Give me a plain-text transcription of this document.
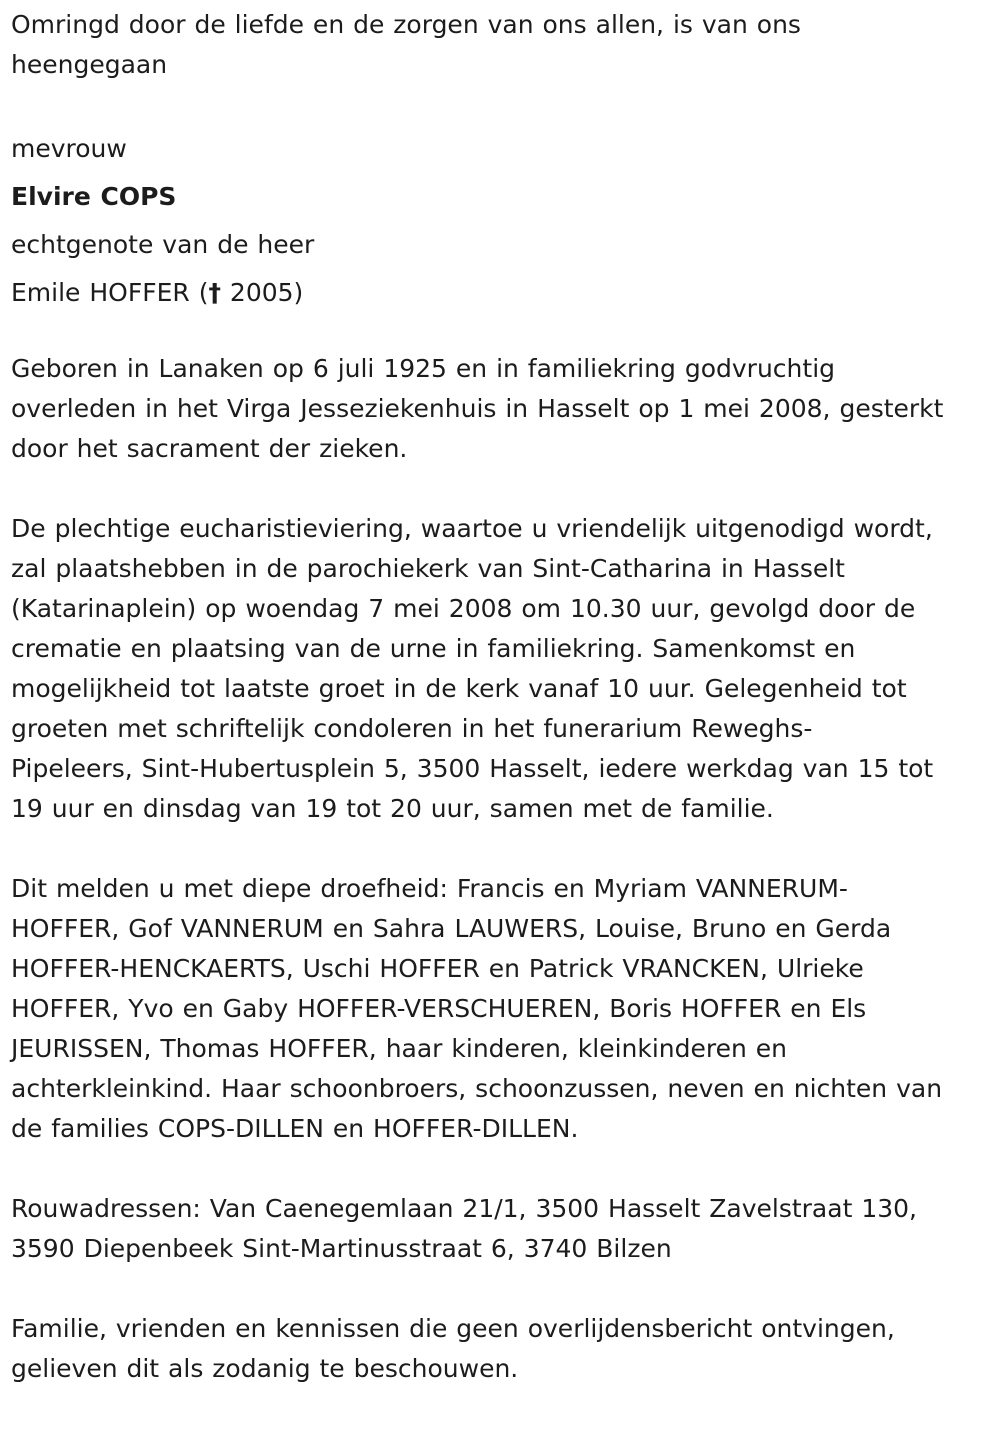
Omringd door de liefde en de zorgen van ons allen, is van ons
heengegaan
mevrouw
Elvire COPS
echtgenote van de heer
Emile HOFFER († 2005)
Geboren in Lanaken op 6 juli 1925 en in familiekring godvruchtig
overleden in het Virga Jesseziekenhuis in Hasselt op 1 mei 2008, gesterkt
door het sacrament der zieken.
De plechtige eucharistieviering, waartoe u vriendelijk uitgenodigd wordt,
zal plaatshebben in de parochiekerk van Sint-Catharina in Hasselt
(Katarinaplein) op woendag 7 mei 2008 om 10.30 uur, gevolgd door de
crematie en plaatsing van de urne in familiekring. Samenkomst en
mogelijkheid tot laatste groet in de kerk vanaf 10 uur. Gelegenheid tot
groeten met schriftelijk condoleren in het funerarium Reweghs-
Pipeleers, Sint-Hubertusplein 5, 3500 Hasselt, iedere werkdag van 15 tot
19 uur en dinsdag van 19 tot 20 uur, samen met de familie.
Dit melden u met diepe droefheid: Francis en Myriam VANNERUM-
HOFFER, Gof VANNERUM en Sahra LAUWERS, Louise, Bruno en Gerda
HOFFER-HENCKAERTS, Uschi HOFFER en Patrick VRANCKEN, Ulrieke
HOFFER, Yvo en Gaby HOFFER-VERSCHUEREN, Boris HOFFER en Els
JEURISSEN, Thomas HOFFER, haar kinderen, kleinkinderen en
achterkleinkind. Haar schoonbroers, schoonzussen, neven en nichten van
de families COPS-DILLEN en HOFFER-DILLEN.
Rouwadressen: Van Caenegemlaan 21/1, 3500 Hasselt Zavelstraat 130,
3590 Diepenbeek Sint-Martinusstraat 6, 3740 Bilzen
Familie, vrienden en kennissen die geen overlijdensbericht ontvingen,
gelieven dit als zodanig te beschouwen.
